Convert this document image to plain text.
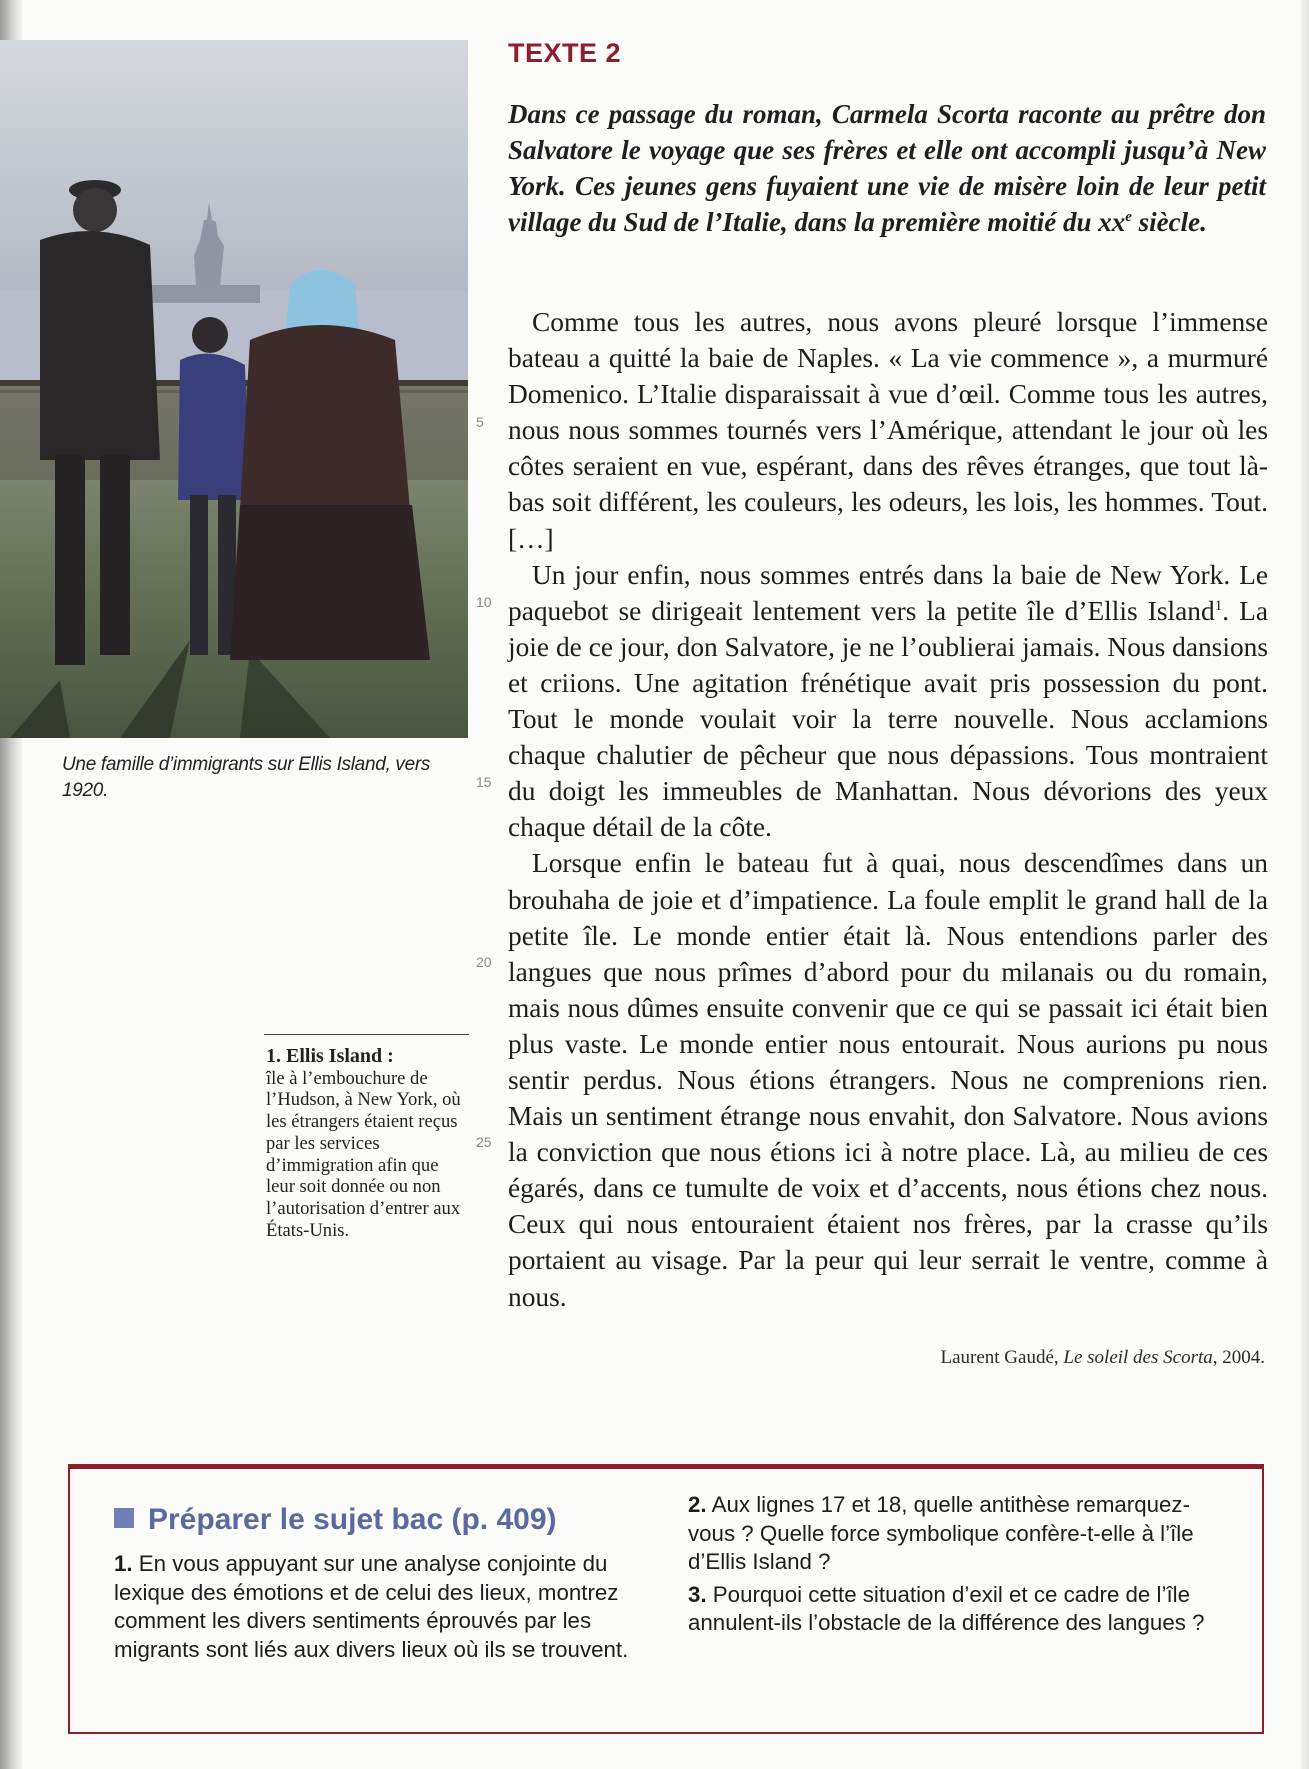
Une famille d’immigrants sur Ellis Island, vers 1920.
TEXTE 2
Dans ce passage du roman, Carmela Scorta raconte au prêtre don Salvatore le voyage que ses frères et elle ont accompli jusqu’à New York. Ces jeunes gens fuyaient une vie de misère loin de leur petit village du Sud de l’Italie, dans la première moitié du $xx^e$ siècle.
5
10
15
20
25

Comme tous les autres, nous avons pleuré lorsque l’immense bateau a quitté la baie de Naples. « La vie commence », a murmuré Domenico. L’Italie disparaissait à vue d’œil. Comme tous les autres, nous nous sommes tournés vers l’Amérique, attendant le jour où les côtes seraient en vue, espérant, dans des rêves étranges, que tout là-bas soit différent, les couleurs, les odeurs, les lois, les hommes. Tout. […]

Un jour enfin, nous sommes entrés dans la baie de New York. Le paquebot se dirigeait lentement vers la petite île d’Ellis Island$^1$. La joie de ce jour, don Salvatore, je ne l’oublierai jamais. Nous dansions et criions. Une agitation frénétique avait pris possession du pont. Tout le monde voulait voir la terre nouvelle. Nous acclamions chaque chalutier de pêcheur que nous dépassions. Tous montraient du doigt les immeubles de Manhattan. Nous dévorions des yeux chaque détail de la côte.

Lorsque enfin le bateau fut à quai, nous descendîmes dans un brouhaha de joie et d’impatience. La foule emplit le grand hall de la petite île. Le monde entier était là. Nous entendions parler des langues que nous prîmes d’abord pour du milanais ou du romain, mais nous dûmes ensuite convenir que ce qui se passait ici était bien plus vaste. Le monde entier nous entourait. Nous aurions pu nous sentir perdus. Nous étions étrangers. Nous ne comprenions rien. Mais un sentiment étrange nous envahit, don Salvatore. Nous avions la conviction que nous étions ici à notre place. Là, au milieu de ces égarés, dans ce tumulte de voix et d’accents, nous étions chez nous. Ceux qui nous entouraient étaient nos frères, par la crasse qu’ils portaient au visage. Par la peur qui leur serrait le ventre, comme à nous.

Laurent Gaudé, Le soleil des Scorta, 2004.
1. Ellis Island :
île à l’embouchure de l’Hudson, à New York, où les étrangers étaient reçus par les services d’immigration afin que leur soit donnée ou non l’autorisation d’entrer aux États-Unis.
Préparer le sujet bac (p. 409)

1. En vous appuyant sur une analyse conjointe du lexique des émotions et de celui des lieux, montrez comment les divers sentiments éprouvés par les migrants sont liés aux divers lieux où ils se trouvent.

2. Aux lignes 17 et 18, quelle antithèse remarquez-vous ? Quelle force symbolique confère-t-elle à l’île d’Ellis Island ?

3. Pourquoi cette situation d’exil et ce cadre de l’île annulent-ils l’obstacle de la différence des langues ?
